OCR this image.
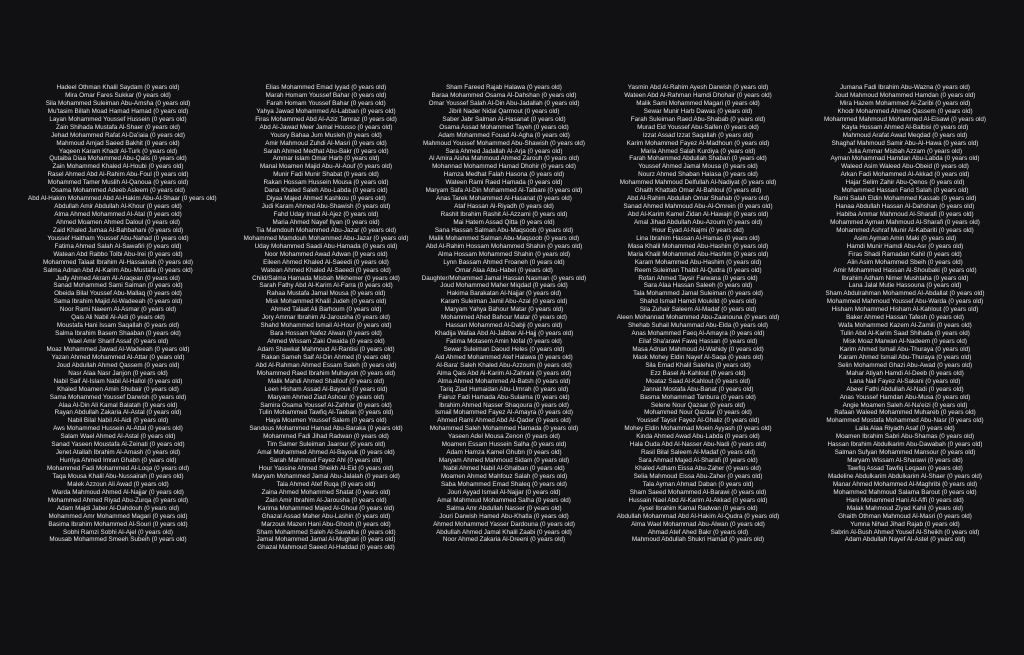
Hadeel Othman Khalil Saydam (0 years old)
Mira Omar Fares Sukkar (0 years old)
Sila Mohammed Suleiman Abu-Amsha (0 years old)
Mu'tasim Billah Moad Hamad Hamad (0 years old)
Layan Mohammed Youssef Hussein (0 years old)
Zain Shihada Mustafa Al-Shaer (0 years old)
Jehad Mohammed Rafat Al-Da'iaia (0 years old)
Mahmoud Amjad Saeed Bakhit (0 years old)
Yaqeen Karam Khadr Al-Turk (0 years old)
Qutaiba Diaa Mohammed Abu-Qalis (0 years old)
Zain Mohammed Khaled Al-Houbi (0 years old)
Rasel Ahmed Abd Al-Rahim Abu-Foul (0 years old)
Mohammed Tamer Muslih Al-Qanoua (0 years old)
Osama Mohammed Adeeb Asleem (0 years old)
Abd Al-Hakim Mohammed Abd Al-Hakim Abu-Al-Shaar (0 years old)
Abdullah Amir Abdullah Al-Khour (0 years old)
Alma Ahmed Mohammed Al-Atal (0 years old)
Ahmed Moamen Ahmed Daloul (0 years old)
Zaid Khaled Jumaa Al-Bahbahani (0 years old)
Youssef Haitham Youssef Abu-Nahad (0 years old)
Fatima Ahmed Salah Al-Sawafiri (0 years old)
Watean Abd Rabbo Tolbi Abu-Irei (0 years old)
Mohammed Talaat Ibrahim Al-Hassainah (0 years old)
Salma Adnan Abd Al-Karim Abu-Mustafa (0 years old)
Judy Ahmed Akram Al-Araqean (0 years old)
Sanad Mohammed Sami Salman (0 years old)
Obeida Bilal Youssef Abu-Mallaq (0 years old)
Sama Ibrahim Majid Al-Wadeeah (0 years old)
Noor Rami Naeem Al-Asmar (0 years old)
Qais Ali Nabil Al-Aidi (0 years old)
Moustafa Hani Issam Saqallah (0 years old)
Salma Ibrahim Basem Shaaban (0 years old)
Wael Amir Sharif Assaf (0 years old)
Moaz Mohammed Jawad Al-Wadeeah (0 years old)
Yazan Ahmed Mohammed Al-Attar (0 years old)
Joud Abdullah Ahmed Qassem (0 years old)
Nasr Alaa Nasr Janjon (0 years old)
Nabil Saif Al-Islam Nabil Al-Hallol (0 years old)
Khaled Moamen Amin Shubair (0 years old)
Sama Mohammed Youssef Darwish (0 years old)
Alaa Al-Din Ali Kamal Balatah (0 years old)
Rayan Abdullah Zakaria Al-Astal (0 years old)
Nabil Bilal Nabil Al-Aidi (0 years old)
Aws Mohammed Hussein Al-Attal (0 years old)
Salam Wael Ahmed Al-Astal (0 years old)
Sanad Yaseen Moustafa Al-Zeinati (0 years old)
Jenet Atallah Ibrahim Al-Amash (0 years old)
Hurriya Ahmed Imran Ghabn (0 years old)
Mohammed Fadi Mohammed Al-Loqa (0 years old)
Taqa Mousa Khalil Abu-Nussairah (0 years old)
Malek Azzoun Ali Awad (0 years old)
Warda Mahmoud Ahmed Al-Najjar (0 years old)
Mohammed Ahmed Riyad Abu-Zurqa (0 years old)
Adam Majdi Jaber Al-Dahdouh (0 years old)
Mohammed Amr Mohammed Magari (0 years old)
Basima Ibrahim Mohammed Al-Souri (0 years old)
Sobhi Ramzi Sobhi Al-Ajel (0 years old)
Mousab Mohammed Smeeh Subeih (0 years old)
Elias Mohammed Emad Iyyad (0 years old)
Marah Homam Youssef Bahar (0 years old)
Farah Homam Youssef Bahar (0 years old)
Yahya Jawad Mohammed Al-Labban (0 years old)
Firas Mohammed Abd Al-Aziz Tamraz (0 years old)
Abd Al-Jawad Meer Jamal Housso (0 years old)
Yousry Bahaa Jum Musleh (0 years old)
Amir Mahmoud Zuhdi Al-Masri (0 years old)
Sarah Ahmed Medhat Abu-Bakr (0 years old)
Ammar Islam Omar Harb (0 years old)
Manal Moamen Majid Abu-Al-Aouf (0 years old)
Munir Fadi Munir Shabat (0 years old)
Rakan Hossam Hussein Mousa (0 years old)
Dana Khaled Saleh Abu-Labda (0 years old)
Diyaa Majed Ahmed Kashkou (0 years old)
Judi Karam Ahmed Abu-Shawish (0 years old)
Fahd Uday Imad Al-Ajez (0 years old)
Maria Ahmed Nayef Ilyan (0 years old)
Tia Mamdouh Mohammed Abu-Jazar (0 years old)
Mohammed Mamdouh Mohammed Abu-Jazar (0 years old)
Uday Mohammed Saadi Abu-Hamada (0 years old)
Noor Mohammed Awad Adwan (0 years old)
Eileen Ahmed Khaled Al-Saeedi (0 years old)
Watean Ahmed Khaled Al-Saeedi (0 years old)
Child/Salma Hamada Misbah Mikhemer (0 years old)
Sarah Fathy Abd Al-Karim Al-Farra (0 years old)
Rahaa Mustafa Jamal Mousa (0 years old)
Misk Mohammed Khalil Judeh (0 years old)
Ahmed Talaat Ali Barhoum (0 years old)
Jory Ammar Ibrahim Al-Jarousha (0 years old)
Shahd Mohammed Ismail Al-Hour (0 years old)
Bara Hossam Nafez Alwan (0 years old)
Ahmed Wissam Zaki Owaida (0 years old)
Adam Shawkat Mahmoud Al-Rantisi (0 years old)
Rakan Sameh Saif Al-Din Ahmed (0 years old)
Abd Al-Rahman Ahmed Essam Saleh (0 years old)
Mohammed Raed Ibrahim Muhaysin (0 years old)
Malik Mahdi Ahmed Shallouf (0 years old)
Leen Hisham Assad Al-Bayouk (0 years old)
Maryam Ahmed Ziad Ashour (0 years old)
Samira Osama Youssef Al-Zahhar (0 years old)
Tulin Mohammed Tawfiq Al-Taeban (0 years old)
Haya Moumen Youssef Salem (0 years old)
Sandous Mohammed Hamad Abu-Baraka (0 years old)
Mohammed Fadi Jihad Radwan (0 years old)
Tim Samer Suleiman Jaarour (0 years old)
Amal Mohammed Ahmed Al-Bayouk (0 years old)
Sarah Mahmoud Fayez Ahl (0 years old)
Hour Yassine Ahmed Sheikh Al-Eid (0 years old)
Maryam Mohammed Jamal Abu-Jalalah (0 years old)
Tala Ahmed Atef Ruqa (0 years old)
Zaina Ahmed Mohammed Shatat (0 years old)
Zain Amir Ibrahim Al-Jarousha (0 years old)
Karima Mohammed Majed Al-Ghoul (0 years old)
Ghazal Assad Maher Abu-Lashin (0 years old)
Marzouk Mazen Hani Abu-Ghosh (0 years old)
Sham Mohammed Saleh Al-Sawalha (0 years old)
Jamal Mohammed Jamal Al-Mughari (0 years old)
Ghazal Mahmoud Saeed Al-Haddad (0 years old)
Sham Fareed Rajab Halawa (0 years old)
Baraa Mohammed Osama Al-Dahshan (0 years old)
Omar Youssef Salah Al-Din Abu-Jadallah (0 years old)
Jibril Nader Nidal Qarmout (0 years old)
Saber Jabr Salman Al-Hasanat (0 years old)
Osama Assad Mohammed Tayeh (0 years old)
Adam Mohammed Fouad Al-Agha (0 years old)
Mahmoud Youssef Mohammed Abu-Shawish (0 years old)
Sara Ahmed Jadallah Al-Arja (0 years old)
Al Amira Aisha Mahmoud Ahmed Zarouh (0 years old)
Mohannad Mohammed Hamad Dhohir (0 years old)
Hamza Medhat Falah Hasona (0 years old)
Wateen Rami Raed Hamada (0 years old)
Maryam Safa Al-Din Mohammed Al-Talbani (0 years old)
Anas Tarek Mohammed Al-Hasanat (0 years old)
Ataf Hassan Al-Riyadh (0 years old)
Rashit Ibrahim Rashit Al-Azzami (0 years old)
Mai Hatem Assad Qitta (0 years old)
Sana Hassan Salman Abu-Maqsoob (0 years old)
Malik Mohammed Salman Abu-Maqsoob (0 years old)
Abd Al-Rahim Hossam Mohammed Shahin (0 years old)
Alma Hossam Mohammed Shahin (0 years old)
Lynn Bassam Ahmed Froaneh (0 years old)
Omar Alaa Abu-Habel (0 years old)
Daughter/Mohammed Jamal Hassan Nasman (0 years old)
Joud Mohammed Maher Miqdad (0 years old)
Hakima Barakatan Al-Najjar (0 years old)
Karam Suleiman Jamil Abu-Azal (0 years old)
Maryam Yahya Bahour Matar (0 years old)
Mohammed Ahed Bahour Matar (0 years old)
Hassan Mohammed Al-Dabji (0 years old)
Khadija Wafaa Abd Al-Jabbar Al-Hajj (0 years old)
Fatima Motasem Amin Nofal (0 years old)
Sewar Suleiman Daoud Heles (0 years old)
Aid Ahmed Mohammed Atef Halawa (0 years old)
Al-Bara' Saleh Khaled Abu-Azzoum (0 years old)
Alma Qais Abd Al-Karim Al-Zahrani (0 years old)
Alma Ahmed Mohammed Al-Batsh (0 years old)
Tariq Ziad Humaidan Abu-Umrah (0 years old)
Fairuz Fadi Hamada Abu-Sulaima (0 years old)
Ibrahim Ahmed Nasser Shaqoura (0 years old)
Ismail Mohammed Fayez Al-Amayra (0 years old)
Ahmed Rami Ahmed Abd Al-Qader (0 years old)
Mohammed Saleh Mohammed Hamada (0 years old)
Yaseen Adel Mousa Zenon (0 years old)
Moamen Essam Hussein Salha (0 years old)
Adam Hamza Kamel Ghubn (0 years old)
Maryam Ahmed Mahmoud Sidam (0 years old)
Nabil Ahmed Nabil Al-Ghalban (0 years old)
Moamen Ahmed Mahfouz Salah (0 years old)
Saba Mohammed Emad Shaleq (0 years old)
Jouri Ayyad Ismail Al-Najjar (0 years old)
Amal Mahmoud Mohammed Salha (0 years old)
Salma Amr Abdullah Nasser (0 years old)
Jouri Darwish Hamed Abu-Khatla (0 years old)
Ahmed Mohammed Yasser Dardouna (0 years old)
Abdullah Ahmed Jamal Khalil Zaabi (0 years old)
Noor Ahmed Zakaria Al-Dreeni (0 years old)
Yasmin Abd Al-Rahim Ayesh Darwish (0 years old)
Wateen Abd Al-Rahman Hamdi Dhohair (0 years old)
Malik Sami Mohammed Magari (0 years old)
Sewar Munir Harb Dawas (0 years old)
Farah Suleiman Raed Abu-Shabab (0 years old)
Murad Eid Youssef Abu-Saifen (0 years old)
Izzat Assad Izzat Saqallah (0 years old)
Karim Mohammed Fayez Al-Madhoun (0 years old)
Maria Ahmed Salah Kurdiya (0 years old)
Farah Mohammed Abdullah Shaban (0 years old)
Youssef Ahmed Jamal Mousa (0 years old)
Nourz Ahmed Shaban Halasa (0 years old)
Mohammed Mahmoud Delfullah Al-Nadiyat (0 years old)
Ghaith Khattab Omar Al-Bahloul (0 years old)
Abd Al-Rahim Abdullah Omar Shahab (0 years old)
Sanad Ahmed Mahmoud Abu-Al-Omrein (0 years old)
Abd Al-Karim Kamel Zidan Al-Hawajri (0 years old)
Amal Jihad Abdullah Abu-Azoum (0 years old)
Hour Eyad Al-Najmi (0 years old)
Lina Ibrahim Hassan Al-Hamas (0 years old)
Masa Khalil Mohammed Abu-Hashim (0 years old)
Maria Khalil Mohammed Abu-Hashim (0 years old)
Karam Mohammed Abu-Hashim (0 years old)
Reem Suleiman Thabit Al-Qudra (0 years old)
Rofan Ahmed Taysir Farwana (0 years old)
Sara Alaa Hassan Saleeh (0 years old)
Tala Mohammed Jamal Suleiman (0 years old)
Shahd Ismail Hamdi Moukild (0 years old)
Sila Zuhair Saleem Al-Madaf (0 years old)
Aleen Mohannad Mohammed Abu-Zaanouna (0 years old)
Shehab Suhail Muhammad Abu-Elda (0 years old)
Anas Mohammed Faeq Al-Amayra (0 years old)
Eilaf Sha'arawi Fawq Hassan (0 years old)
Masa Adnan Mahmoud Al-Wahidy (0 years old)
Mask Mohey Eldin Nayef Al-Saqa (0 years old)
Sila Emad Khalil Salehia (0 years old)
Ezz Basel Al-Kahlout (0 years old)
Moataz Saad Al-Kahlout (0 years old)
Jannat Mostafa Abu-Banat (0 years old)
Basma Mohammad Tanbura (0 years old)
Selene Nour Qazaar (0 years old)
Mohammed Nour Qazaar (0 years old)
Youssef Taysir Fayez Al-Ghaliz (0 years old)
Mohey Eldin Mohammad Moein Ayyash (0 years old)
Kinda Ahmed Awad Abu-Labda (0 years old)
Hala Ouda Abd Al-Nasser Abu-Nadi (0 years old)
Rasil Bilal Saleem Al-Madaf (0 years old)
Sara Ahmad Majed Al-Sharafi (0 years old)
Khaled Adham Eissa Abu-Zaher (0 years old)
Selia Mahmoud Eissa Abu-Zaher (0 years old)
Tala Ayman Ahmad Daban (0 years old)
Sham Saeed Mohammed Al-Barawi (0 years old)
Hussain Nael Abd Al-Karim Al-Akkad (0 years old)
Aysel Ibrahim Kamal Radwan (0 years old)
Abdullah Mohammad Abd Al-Hakim Al-Qudra (0 years old)
Alma Wael Mohammad Abu-Alwan (0 years old)
Ahmad Atef Ahed Bakr (0 years old)
Mahmoud Abdullah Shukri Hamad (0 years old)
Jumana Fadi Ibrahim Abu-Wazna (0 years old)
Joud Mahmoud Mohammed Hamdan (0 years old)
Mira Hazem Mohammed Al-Zaribi (0 years old)
Khodr Mohammed Ahmed Qassem (0 years old)
Mohammed Mahmoud Mohammed Al-Eisawi (0 years old)
Kayla Hossam Ahmed Al-Balbisi (0 years old)
Mahmoud Arafat Awad Meqdad (0 years old)
Shaghaf Mahmoud Samir Abu-Al-Hawa (0 years old)
Julia Ammar Misbah Azzam (0 years old)
Ayman Mohammad Hamdan Abu-Labda (0 years old)
Waleed Asim Waleed Abu-Obeid (0 years old)
Arkan Fadi Mohammed Al-Akkad (0 years old)
Hajar Selim Zahir Abu-Qenos (0 years old)
Mohammed Hassan Farid Salah (0 years old)
Rami Salah Eldin Mohammed Kassab (0 years old)
Hanaa Abdullah Hassan Al-Dahshan (0 years old)
Habiba Ammar Mahmoud Al-Sharafi (0 years old)
Mohammed Ayman Mahmoud Al-Sharafi (0 years old)
Mohammed Ashraf Munir Al-Kabariti (0 years old)
Asim Ayman Amin Maki (0 years old)
Hamdi Munir Hamdi Abu-Asr (0 years old)
Firas Shadi Ramadan Kahil (0 years old)
Alin Asim Mohammed Sbeih (0 years old)
Amir Mohammed Hassan Al-Shoubaki (0 years old)
Ibrahim Adham Nimer Mushtaha (0 years old)
Lana Jalal Mutie Hassouna (0 years old)
Sham Abdulrahman Mohammed Al-Abdallat (0 years old)
Mohammed Mahmoud Youssef Abu-Warda (0 years old)
Hisham Mohammed Hisham Al-Kahlout (0 years old)
Baker Ahmed Hassan Tafesh (0 years old)
Wafa Mohammed Kazem Al-Zamili (0 years old)
Tulin Abd Al-Karim Saad Shihada (0 years old)
Misk Moaz Marwan Al-Nadeem (0 years old)
Karim Ahmed Ismail Abu-Thuraya (0 years old)
Karam Ahmed Ismail Abu-Thuraya (0 years old)
Selin Mohammed Ghazi Abu-Awad (0 years old)
Mahar Atiyah Hamdi Al-Deeb (0 years old)
Lana Nail Fayez Al-Sakani (0 years old)
Abeer Fathi Abdullah Al-Nadi (0 years old)
Anas Youssef Hamdan Abu-Musa (0 years old)
Angie Moamen Saleh Al-Na'eizi (0 years old)
Rafaan Waleed Mohammed Muhareb (0 years old)
Mohammed Mostafa Mohammed Abu-Nasr (0 years old)
Laila Alaa Riyadh Asaf (0 years old)
Moamen Ibrahim Sabri Abu-Shamas (0 years old)
Hassan Ibrahim Abdulkarim Abu-Dawabah (0 years old)
Salman Sufyan Mohammed Mansour (0 years old)
Maryam Wissam Al-Sharawi (0 years old)
Tawfiq Assad Tawfiq Leqaan (0 years old)
Madeline Abdulkarim Abdulkarim Al-Shaer (0 years old)
Manar Ahmed Mohammed Al-Maghribi (0 years old)
Mohammed Mahmoud Salama Barout (0 years old)
Hani Mohammed Hani Al-Affi (0 years old)
Malak Mahmoud Ziyad Kahil (0 years old)
Ghaith Othman Mahmoud Al-Masri (0 years old)
Yumna Nihad Jihad Rajab (0 years old)
Sabrin Al-Bush Ahmed Yousef Al-Sheikh (0 years old)
Adam Abdullah Nayef Al-Astel (0 years old)
